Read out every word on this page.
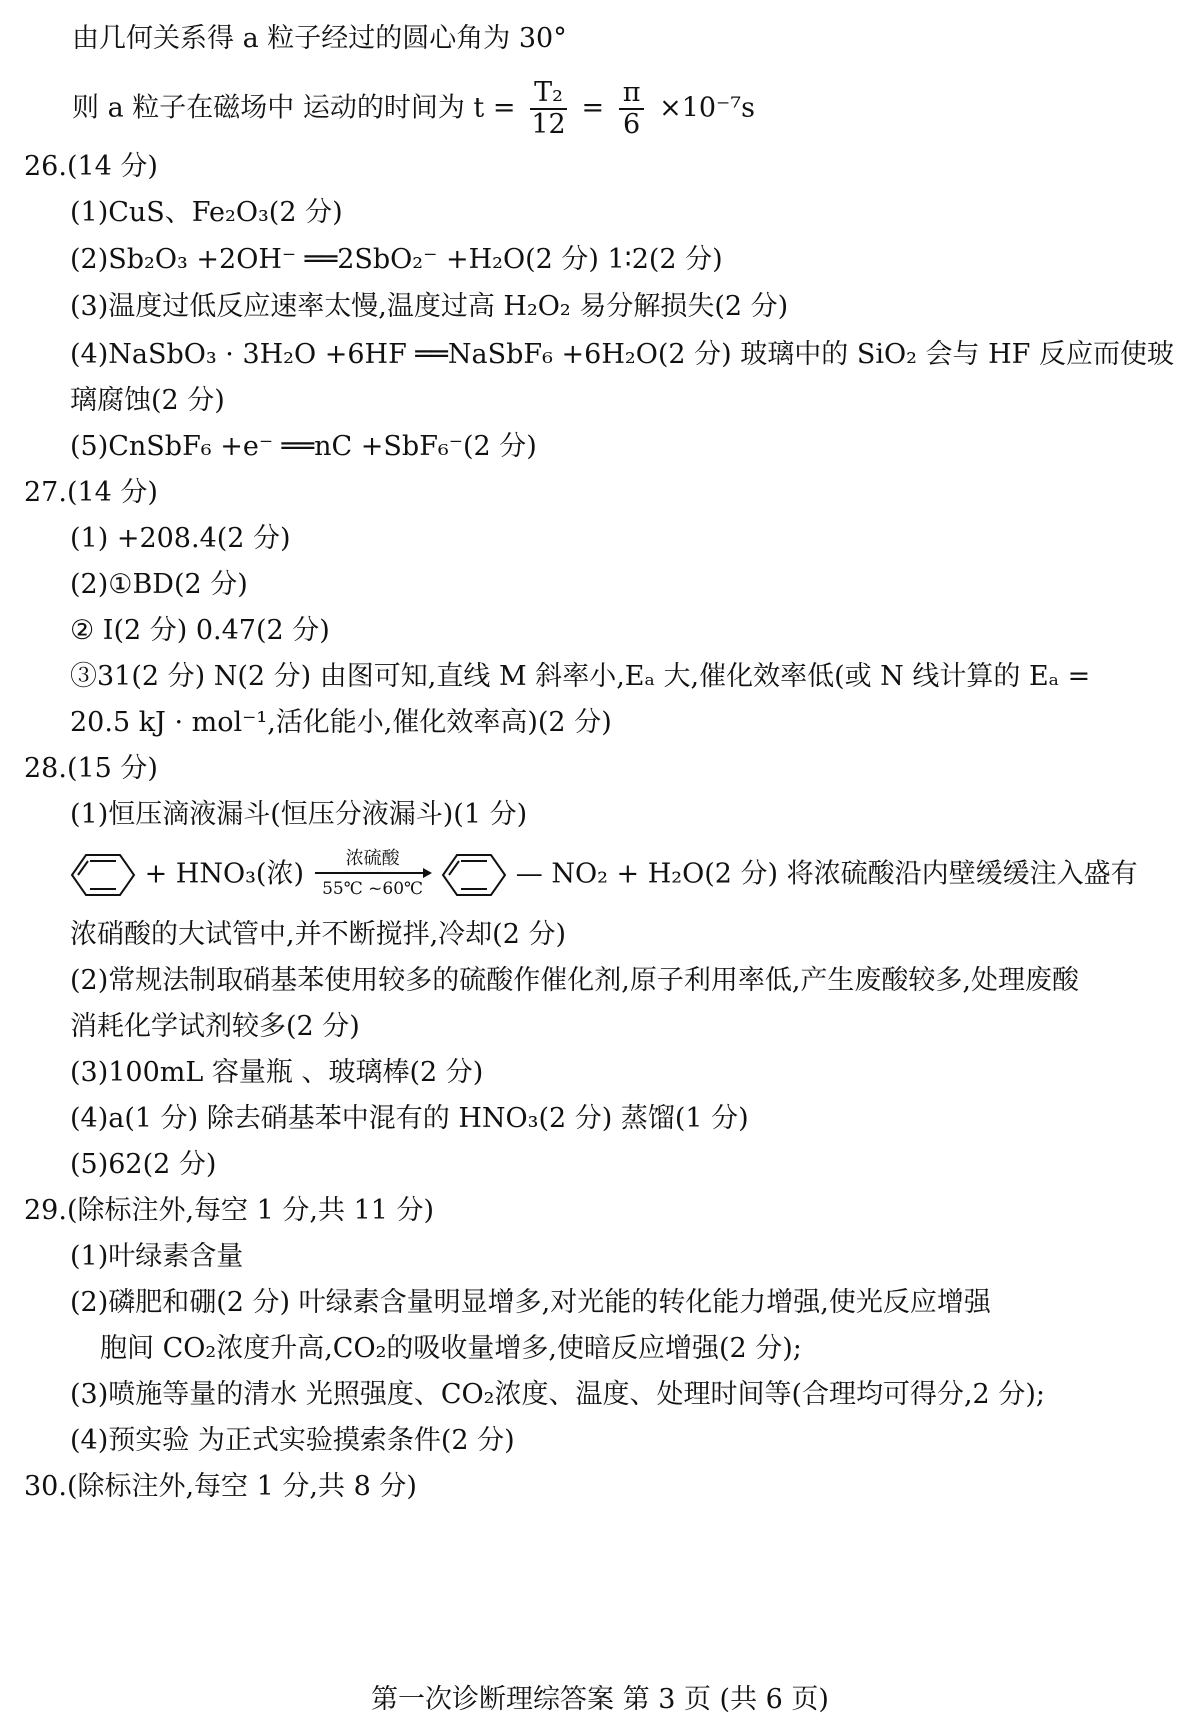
由几何关系得 a 粒子经过的圆心角为 30°
则 a 粒子在磁场中 运动的时间为 $t = \frac{\text{T₂}}{12} = \frac{\pi}{6} \times 10^{-7}s$
26.(14 分)
(1)CuS、Fe₂O₃(2 分)
(2)Sb₂O₃ +2OH⁻ ══2SbO₂⁻ +H₂O(2 分) 1∶2(2 分)
(3)温度过低反应速率太慢,温度过高 H₂O₂ 易分解损失(2 分)
(4)NaSbO₃ · 3H₂O +6HF ══NaSbF₆ +6H₂O(2 分) 玻璃中的 SiO₂ 会与 HF 反应而使玻
璃腐蚀(2 分)
(5)CnSbF₆ +e⁻ ══nC +SbF₆⁻(2 分)
27.(14 分)
(1) +208.4(2 分)
(2)①BD(2 分)
② Ⅰ(2 分) 0.47(2 分)
③31(2 分) N(2 分) 由图可知,直线 M 斜率小,Eₐ 大,催化效率低(或 N 线计算的 Eₐ =
20.5 kJ · mol⁻¹,活化能小,催化效率高)(2 分)
28.(15 分)
(1)恒压滴液漏斗(恒压分液漏斗)(1 分)
+ HNO₃(浓)	浓硫酸
55℃ ~60℃	— NO₂ + H₂O(2 分) 将浓硫酸沿内壁缓缓注入盛有
浓硝酸的大试管中,并不断搅拌,冷却(2 分)
(2)常规法制取硝基苯使用较多的硫酸作催化剂,原子利用率低,产生废酸较多,处理废酸
消耗化学试剂较多(2 分)
(3)100mL 容量瓶 、玻璃棒(2 分)
(4)a(1 分) 除去硝基苯中混有的 HNO₃(2 分) 蒸馏(1 分)
(5)62(2 分)
29.(除标注外,每空 1 分,共 11 分)
(1)叶绿素含量
(2)磷肥和硼(2 分) 叶绿素含量明显增多,对光能的转化能力增强,使光反应增强
胞间 CO₂浓度升高,CO₂的吸收量增多,使暗反应增强(2 分);
(3)喷施等量的清水 光照强度、CO₂浓度、温度、处理时间等(合理均可得分,2 分);
(4)预实验 为正式实验摸索条件(2 分)
30.(除标注外,每空 1 分,共 8 分)
第一次诊断理综答案 第 3 页 (共 6 页)
